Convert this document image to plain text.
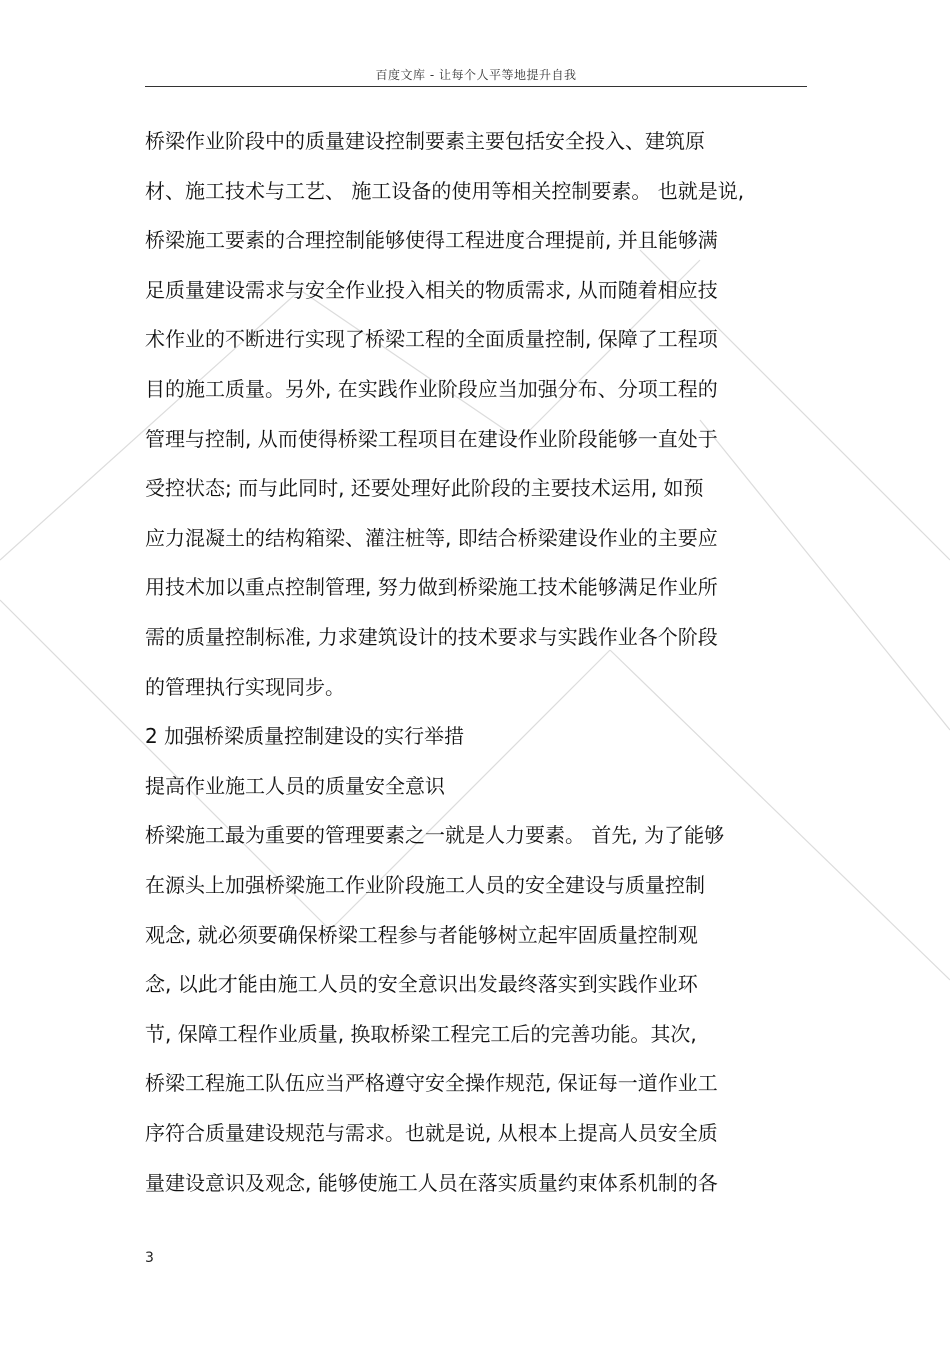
百度文库 - 让每个人平等地提升自我
桥梁作业阶段中的质量建设控制要素主要包括安全投入、建筑原
材、施工技术与工艺、 施工设备的使用等相关控制要素。 也就是说,
桥梁施工要素的合理控制能够使得工程进度合理提前, 并且能够满
足质量建设需求与安全作业投入相关的物质需求, 从而随着相应技
术作业的不断进行实现了桥梁工程的全面质量控制, 保障了工程项
目的施工质量。另外, 在实践作业阶段应当加强分布、分项工程的
管理与控制, 从而使得桥梁工程项目在建设作业阶段能够一直处于
受控状态; 而与此同时, 还要处理好此阶段的主要技术运用, 如预
应力混凝土的结构箱梁、灌注桩等, 即结合桥梁建设作业的主要应
用技术加以重点控制管理, 努力做到桥梁施工技术能够满足作业所
需的质量控制标准, 力求建筑设计的技术要求与实践作业各个阶段
的管理执行实现同步。
2 加强桥梁质量控制建设的实行举措
提高作业施工人员的质量安全意识
桥梁施工最为重要的管理要素之一就是人力要素。 首先, 为了能够
在源头上加强桥梁施工作业阶段施工人员的安全建设与质量控制
观念, 就必须要确保桥梁工程参与者能够树立起牢固质量控制观
念, 以此才能由施工人员的安全意识出发最终落实到实践作业环
节, 保障工程作业质量, 换取桥梁工程完工后的完善功能。其次,
桥梁工程施工队伍应当严格遵守安全操作规范, 保证每一道作业工
序符合质量建设规范与需求。也就是说, 从根本上提高人员安全质
量建设意识及观念, 能够使施工人员在落实质量约束体系机制的各
3
